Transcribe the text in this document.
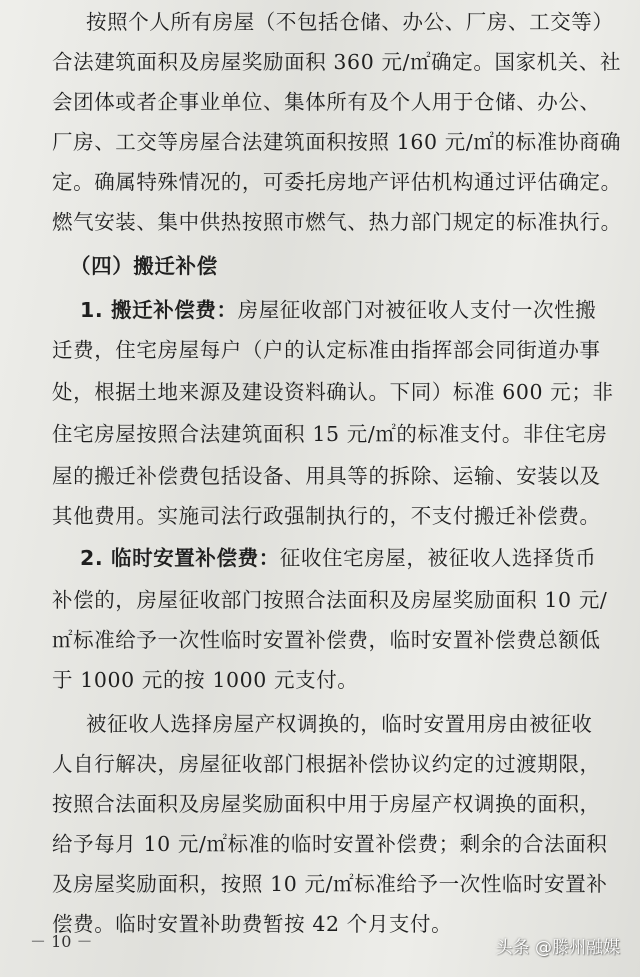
按照个人所有房屋（不包括仓储、办公、厂房、工交等）
合法建筑面积及房屋奖励面积 360 元/㎡确定。国家机关、社
会团体或者企事业单位、集体所有及个人用于仓储、办公、
厂房、工交等房屋合法建筑面积按照 160 元/㎡的标准协商确
定。确属特殊情况的，可委托房地产评估机构通过评估确定。
燃气安装、集中供热按照市燃气、热力部门规定的标准执行。
（四）搬迁补偿
1. 搬迁补偿费：房屋征收部门对被征收人支付一次性搬
迁费，住宅房屋每户（户的认定标准由指挥部会同街道办事
处，根据土地来源及建设资料确认。下同）标准 600 元；非
住宅房屋按照合法建筑面积 15 元/㎡的标准支付。非住宅房
屋的搬迁补偿费包括设备、用具等的拆除、运输、安装以及
其他费用。实施司法行政强制执行的，不支付搬迁补偿费。
2. 临时安置补偿费：征收住宅房屋，被征收人选择货币
补偿的，房屋征收部门按照合法面积及房屋奖励面积 10 元/
㎡标准给予一次性临时安置补偿费，临时安置补偿费总额低
于 1000 元的按 1000 元支付。
被征收人选择房屋产权调换的，临时安置用房由被征收
人自行解决，房屋征收部门根据补偿协议约定的过渡期限，
按照合法面积及房屋奖励面积中用于房屋产权调换的面积，
给予每月 10 元/㎡标准的临时安置补偿费；剩余的合法面积
及房屋奖励面积，按照 10 元/㎡标准给予一次性临时安置补
偿费。临时安置补助费暂按 42 个月支付。
－ 10 －	头条 @滕州融媒
